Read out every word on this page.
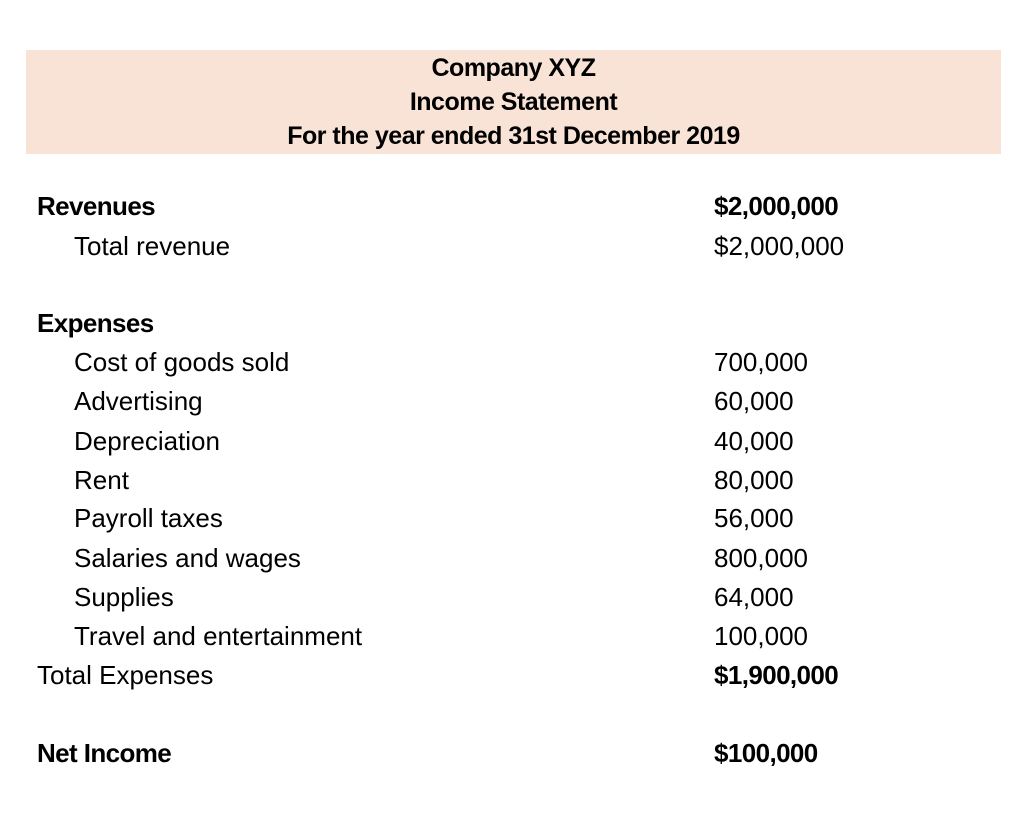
Company XYZ
Income Statement
For the year ended 31st December 2019
Revenues	$2,000,000
Total revenue	$2,000,000
Expenses
Cost of goods sold	700,000
Advertising	60,000
Depreciation	40,000
Rent	80,000
Payroll taxes	56,000
Salaries and wages	800,000
Supplies	64,000
Travel and entertainment	100,000
Total Expenses	$1,900,000
Net Income	$100,000
